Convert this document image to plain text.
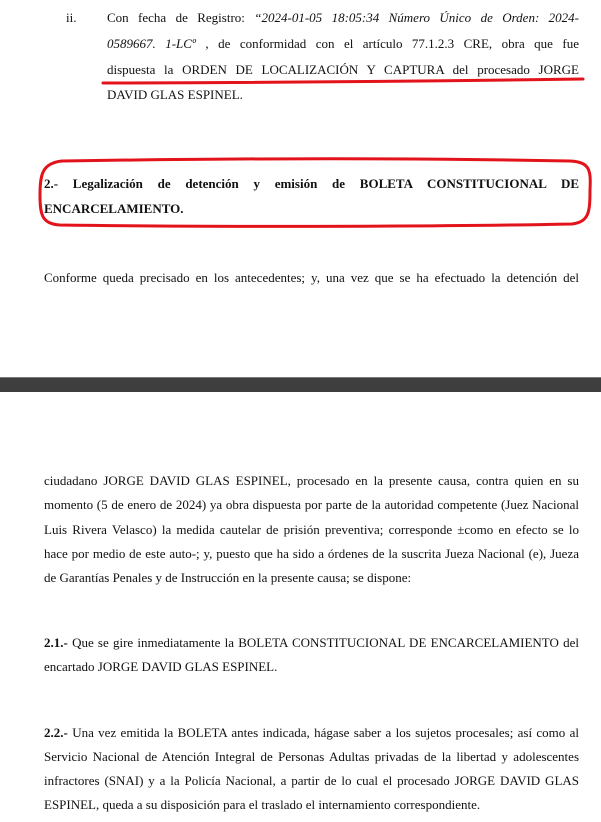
ii. Con fecha de Registro: “2024-01-05 18:05:34 Número Único de Orden: 2024-
0589667. 1-LCº , de conformidad con el artículo 77.1.2.3 CRE, obra que fue
dispuesta la ORDEN DE LOCALIZACIÓN Y CAPTURA del procesado JORGE
DAVID GLAS ESPINEL.
2.- Legalización de detención y emisión de BOLETA CONSTITUCIONAL DE
ENCARCELAMIENTO.
Conforme queda precisado en los antecedentes; y, una vez que se ha efectuado la detención del
ciudadano JORGE DAVID GLAS ESPINEL, procesado en la presente causa, contra quien en su
momento (5 de enero de 2024) ya obra dispuesta por parte de la autoridad competente (Juez Nacional
Luis Rivera Velasco) la medida cautelar de prisión preventiva; corresponde ±como en efecto se lo
hace por medio de este auto-; y, puesto que ha sido a órdenes de la suscrita Jueza Nacional (e), Jueza
de Garantías Penales y de Instrucción en la presente causa; se dispone:
2.1.- Que se gire inmediatamente la BOLETA CONSTITUCIONAL DE ENCARCELAMIENTO del
encartado JORGE DAVID GLAS ESPINEL.
2.2.- Una vez emitida la BOLETA antes indicada, hágase saber a los sujetos procesales; así como al
Servicio Nacional de Atención Integral de Personas Adultas privadas de la libertad y adolescentes
infractores (SNAI) y a la Policía Nacional, a partir de lo cual el procesado JORGE DAVID GLAS
ESPINEL, queda a su disposición para el traslado el internamiento correspondiente.
